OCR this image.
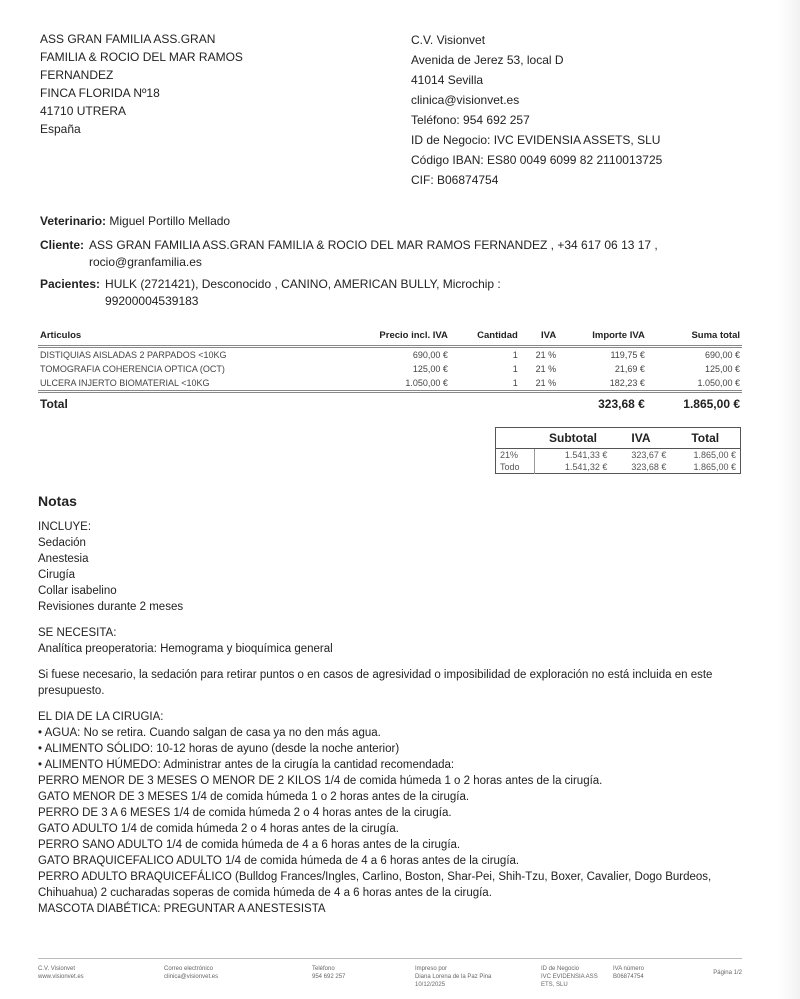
ASS GRAN FAMILIA ASS.GRAN
FAMILIA & ROCIO DEL MAR RAMOS
FERNANDEZ
FINCA FLORIDA Nº18
41710 UTRERA
España
C.V. Visionvet
Avenida de Jerez 53, local D
41014 Sevilla
clinica@visionvet.es
Teléfono: 954 692 257
ID de Negocio: IVC EVIDENSIA ASSETS, SLU
Código IBAN: ES80 0049 6099 82 2110013725
CIF: B06874754
Veterinario: Miguel Portillo Mellado
Cliente: ASS GRAN FAMILIA ASS.GRAN FAMILIA & ROCIO DEL MAR RAMOS FERNANDEZ , +34 617 06 13 17 ,
rocio@granfamilia.es
Pacientes: HULK (2721421), Desconocido , CANINO, AMERICAN BULLY, Microchip :
99200004539183
Articulos	Precio incl. IVA	Cantidad	IVA	Importe IVA	Suma total
DISTIQUIAS AISLADAS 2 PARPADOS <10KG	690,00 €	1	21 %	119,75 €	690,00 €
TOMOGRAFIA COHERENCIA OPTICA (OCT)	125,00 €	1	21 %	21,69 €	125,00 €
ULCERA INJERTO BIOMATERIAL <10KG	1.050,00 €	1	21 %	182,23 €	1.050,00 €
Total				323,68 €	1.865,00 €
	Subtotal	IVA	Total
21%	1.541,33 €	323,67 €	1.865,00 €
Todo	1.541,32 €	323,68 €	1.865,00 €
Notas

INCLUYE:
Sedación
Anestesia
Cirugía
Collar isabelino
Revisiones durante 2 meses

SE NECESITA:
Analítica preoperatoria: Hemograma y bioquímica general

Si fuese necesario, la sedación para retirar puntos o en casos de agresividad o imposibilidad de exploración no está incluida en este presupuesto.

EL DIA DE LA CIRUGIA:
• AGUA: No se retira. Cuando salgan de casa ya no den más agua.
• ALIMENTO SÓLIDO: 10-12 horas de ayuno (desde la noche anterior)
• ALIMENTO HÚMEDO: Administrar antes de la cirugía la cantidad recomendada:
PERRO MENOR DE 3 MESES O MENOR DE 2 KILOS 1/4 de comida húmeda 1 o 2 horas antes de la cirugía.
GATO MENOR DE 3 MESES 1/4 de comida húmeda 1 o 2 horas antes de la cirugía.
PERRO DE 3 A 6 MESES 1/4 de comida húmeda 2 o 4 horas antes de la cirugía.
GATO ADULTO 1/4 de comida húmeda 2 o 4 horas antes de la cirugía.
PERRO SANO ADULTO 1/4 de comida húmeda de 4 a 6 horas antes de la cirugía.
GATO BRAQUICEFALICO ADULTO 1/4 de comida húmeda de 4 a 6 horas antes de la cirugía.
PERRO ADULTO BRAQUICEFÁLICO (Bulldog Frances/Ingles, Carlino, Boston, Shar-Pei, Shih-Tzu, Boxer, Cavalier, Dogo Burdeos, Chihuahua) 2 cucharadas soperas de comida húmeda de 4 a 6 horas antes de la cirugía.
MASCOTA DIABÉTICA: PREGUNTAR A ANESTESISTA

C.V. Visionvet
www.visionvet.es
Correo electrónico
clinica@visionvet.es
Teléfono
954 692 257
Impreso por
Diana Lorena de la Paz Pina
10/12/2025
ID de Negocio
IVC EVIDENSIA ASS
ETS, SLU
IVA número
B06874754
Página 1/2
